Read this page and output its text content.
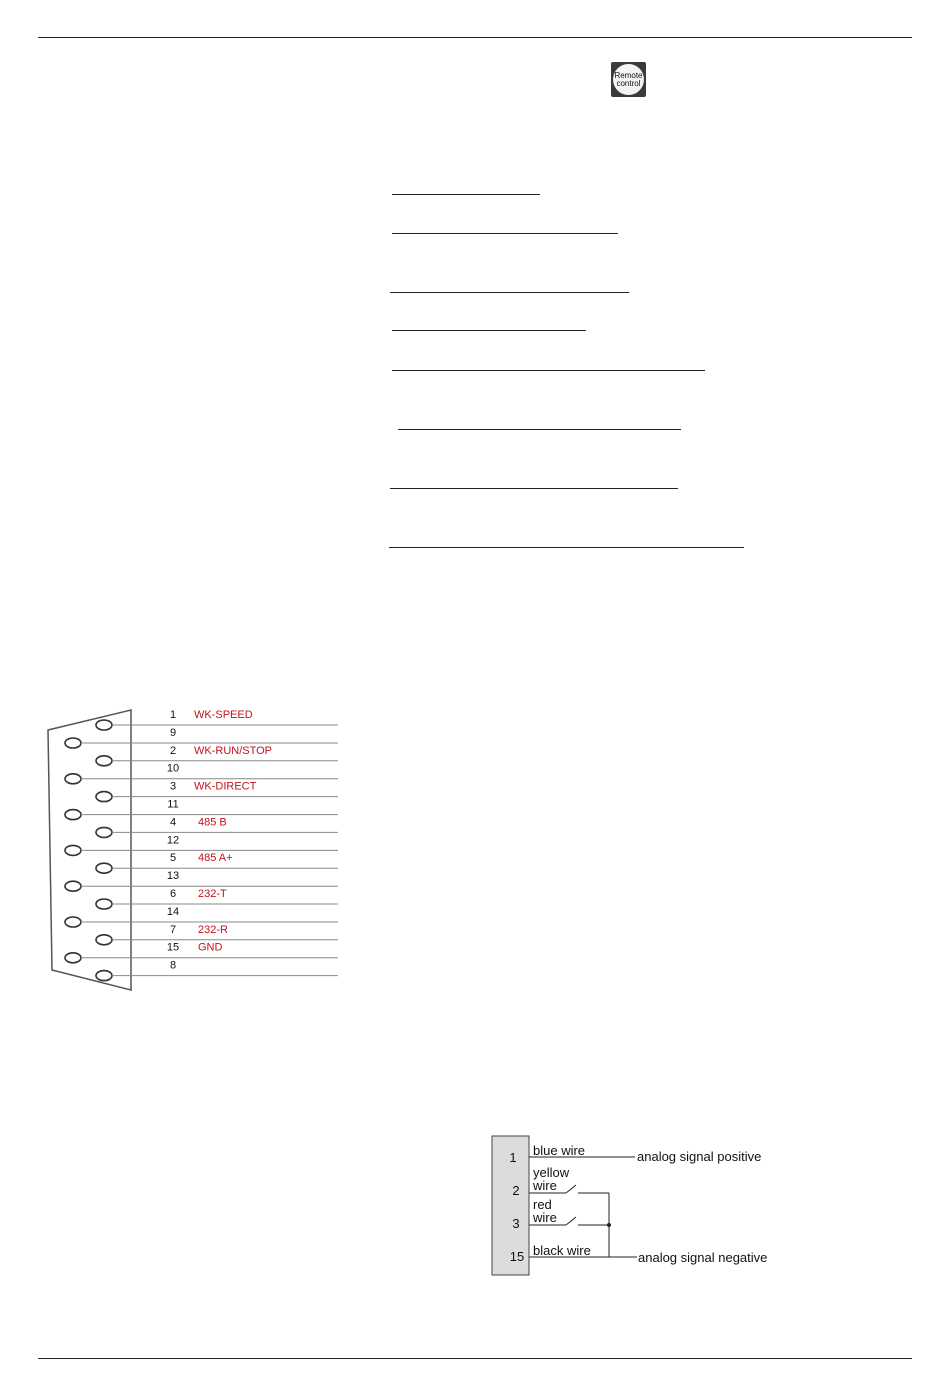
Remote
control
1
9
2
10
3
11
4
12
5
13
6
14
7
15
8
WK-SPEED
WK-RUN/STOP
WK-DIRECT
485 B
485 A+
232-T
232-R
GND
1
2
3
15
blue wire	analog signal positive
yellow
wire
red
wire
black wire	analog signal negative
